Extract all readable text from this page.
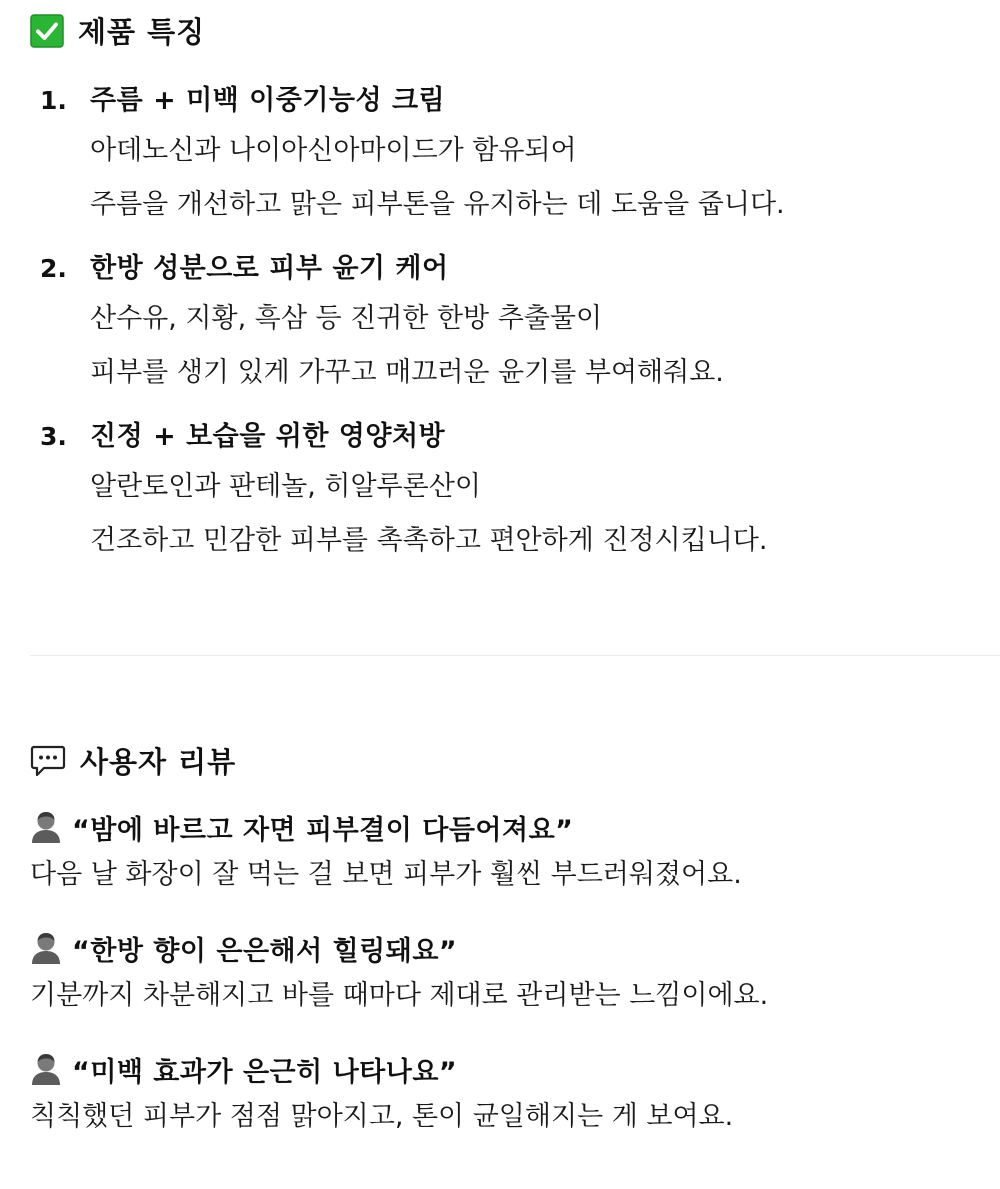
제품 특징
1. 주름 + 미백 이중기능성 크림
아데노신과 나이아신아마이드가 함유되어
주름을 개선하고 맑은 피부톤을 유지하는 데 도움을 줍니다.
2. 한방 성분으로 피부 윤기 케어
산수유, 지황, 흑삼 등 진귀한 한방 추출물이
피부를 생기 있게 가꾸고 매끄러운 윤기를 부여해줘요.
3. 진정 + 보습을 위한 영양처방
알란토인과 판테놀, 히알루론산이
건조하고 민감한 피부를 촉촉하고 편안하게 진정시킵니다.
사용자 리뷰
“밤에 바르고 자면 피부결이 다듬어져요”
다음 날 화장이 잘 먹는 걸 보면 피부가 훨씬 부드러워졌어요.
“한방 향이 은은해서 힐링돼요”
기분까지 차분해지고 바를 때마다 제대로 관리받는 느낌이에요.
“미백 효과가 은근히 나타나요”
칙칙했던 피부가 점점 맑아지고, 톤이 균일해지는 게 보여요.
